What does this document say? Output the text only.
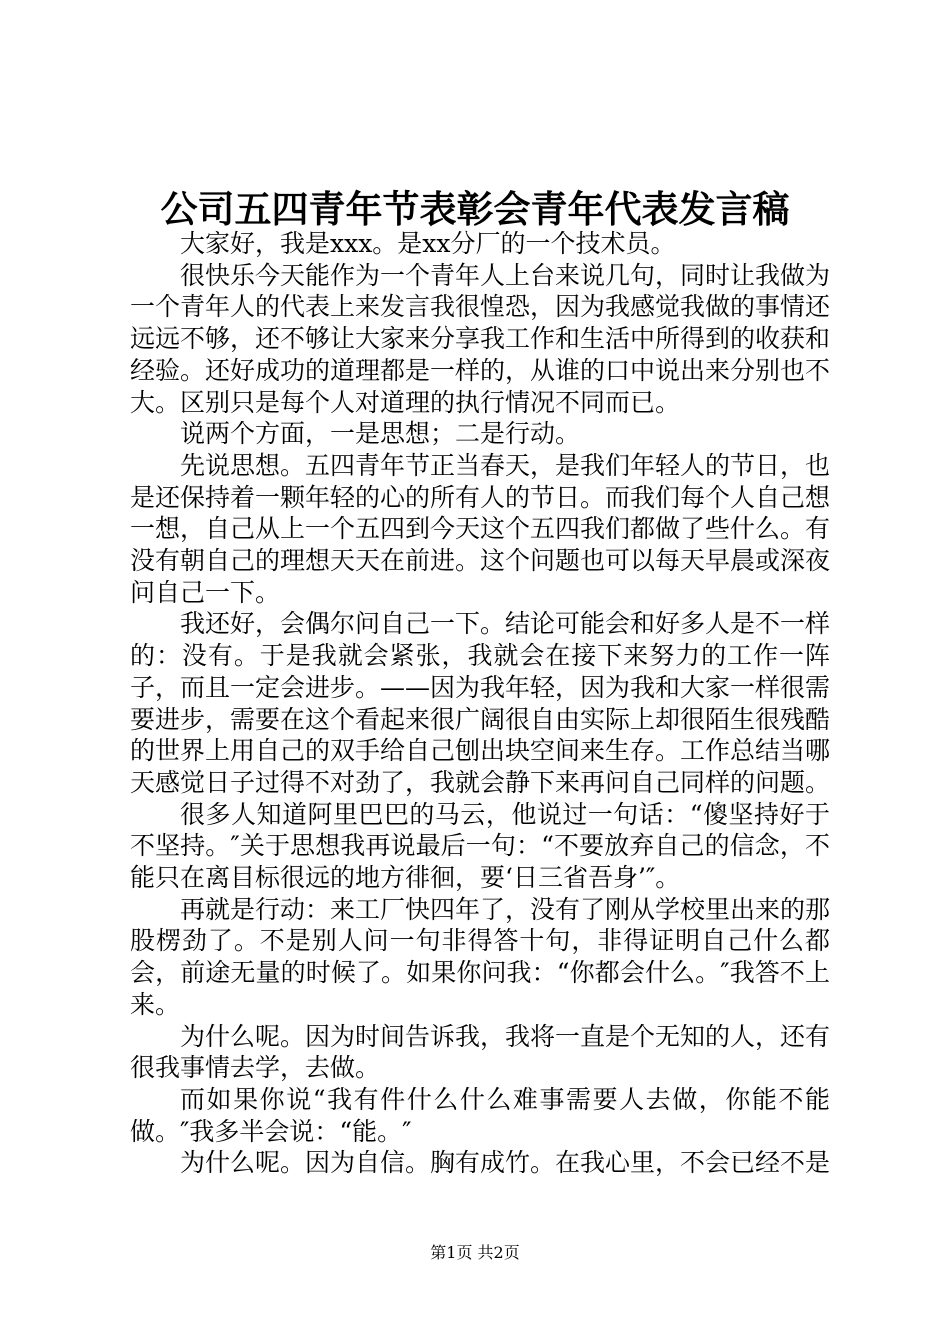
公司五四青年节表彰会青年代表发言稿

大家好，我是xxx。是xx分厂的一个技术员。

很快乐今天能作为一个青年人上台来说几句，同时让我做为一个青年人的代表上来发言我很惶恐，因为我感觉我做的事情还远远不够，还不够让大家来分享我工作和生活中所得到的收获和经验。还好成功的道理都是一样的，从谁的口中说出来分别也不大。区别只是每个人对道理的执行情况不同而已。

说两个方面，一是思想；二是行动。

先说思想。五四青年节正当春天，是我们年轻人的节日，也是还保持着一颗年轻的心的所有人的节日。而我们每个人自己想一想，自己从上一个五四到今天这个五四我们都做了些什么。有没有朝自己的理想天天在前进。这个问题也可以每天早晨或深夜问自己一下。

我还好，会偶尔问自己一下。结论可能会和好多人是不一样的：没有。于是我就会紧张，我就会在接下来努力的工作一阵子，而且一定会进步。——因为我年轻，因为我和大家一样很需要进步，需要在这个看起来很广阔很自由实际上却很陌生很残酷的世界上用自己的双手给自己刨出块空间来生存。工作总结当哪天感觉日子过得不对劲了，我就会静下来再问自己同样的问题。

很多人知道阿里巴巴的马云，他说过一句话：“傻坚持好于不坚持。″关于思想我再说最后一句：“不要放弃自己的信念，不能只在离目标很远的地方徘徊，要‘日三省吾身’″。

再就是行动：来工厂快四年了，没有了刚从学校里出来的那股楞劲了。不是别人问一句非得答十句，非得证明自己什么都会，前途无量的时候了。如果你问我：“你都会什么。″我答不上来。

为什么呢。因为时间告诉我，我将一直是个无知的人，还有很我事情去学，去做。

而如果你说“我有件什么什么难事需要人去做，你能不能做。″我多半会说：“能。″

为什么呢。因为自信。胸有成竹。在我心里，不会已经不是

第1页 共2页
